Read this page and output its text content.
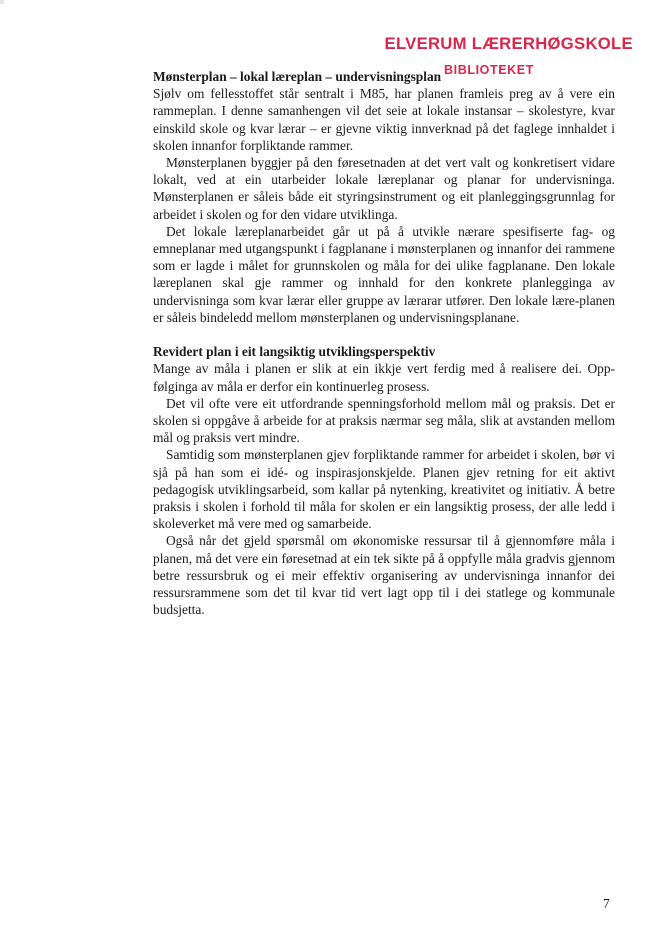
ELVERUM LÆRERHØGSKOLE
BIBLIOTEKET
Mønsterplan – lokal læreplan – undervisningsplan

Sjølv om fellesstoffet står sentralt i M85, har planen framleis preg av å vere ein rammeplan. I denne samanhengen vil det seie at lokale instansar – skolestyre, kvar einskild skole og kvar lærar – er gjevne viktig innverknad på det faglege innhaldet i skolen innanfor forpliktande rammer.

Mønsterplanen byggjer på den føresetnaden at det vert valt og konkretisert vidare lokalt, ved at ein utarbeider lokale læreplanar og planar for undervisninga. Mønsterplanen er såleis både eit styringsinstrument og eit planleggingsgrunnlag for arbeidet i skolen og for den vidare utviklinga.

Det lokale læreplanarbeidet går ut på å utvikle nærare spesifiserte fag- og emneplanar med utgangspunkt i fagplanane i mønsterplanen og innanfor dei rammene som er lagde i målet for grunnskolen og måla for dei ulike fagplanane. Den lokale læreplanen skal gje rammer og innhald for den konkrete planlegginga av undervisninga som kvar lærar eller gruppe av lærarar utfører. Den lokale lære-planen er såleis bindeledd mellom mønsterplanen og undervisningsplanane.

Revidert plan i eit langsiktig utviklingsperspektiv

Mange av måla i planen er slik at ein ikkje vert ferdig med å realisere dei. Opp-følginga av måla er derfor ein kontinuerleg prosess.

Det vil ofte vere eit utfordrande spenningsforhold mellom mål og praksis. Det er skolen si oppgåve å arbeide for at praksis nærmar seg måla, slik at avstanden mellom mål og praksis vert mindre.

Samtidig som mønsterplanen gjev forpliktande rammer for arbeidet i skolen, bør vi sjå på han som ei idé- og inspirasjonskjelde. Planen gjev retning for eit aktivt pedagogisk utviklingsarbeid, som kallar på nytenking, kreativitet og initiativ. Å betre praksis i skolen i forhold til måla for skolen er ein langsiktig prosess, der alle ledd i skoleverket må vere med og samarbeide.

Også når det gjeld spørsmål om økonomiske ressursar til å gjennomføre måla i planen, må det vere ein føresetnad at ein tek sikte på å oppfylle måla gradvis gjennom betre ressursbruk og ei meir effektiv organisering av undervisninga innanfor dei ressursrammene som det til kvar tid vert lagt opp til i dei statlege og kommunale budsjetta.

7
